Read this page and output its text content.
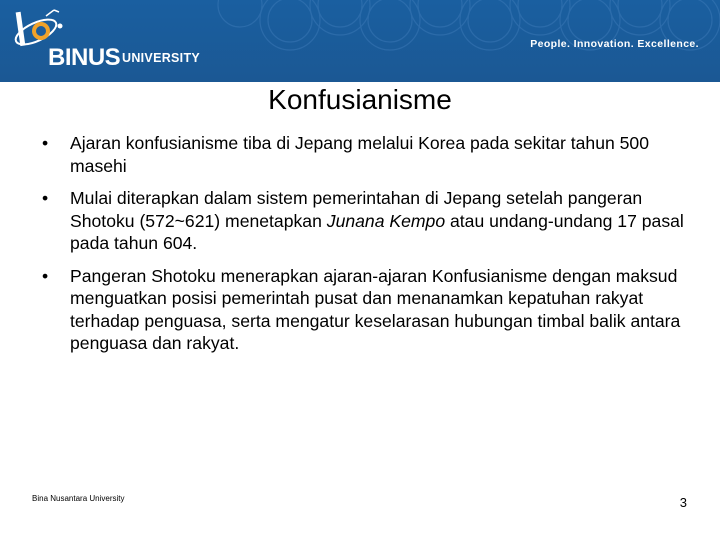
BINUS UNIVERSITY
People. Innovation. Excellence.
Konfusianisme
• Ajaran konfusianisme tiba di Jepang melalui Korea pada sekitar tahun 500 masehi
• Mulai diterapkan dalam sistem pemerintahan di Jepang setelah pangeran Shotoku (572~621) menetapkan Junana Kempo atau undang-undang 17 pasal pada tahun 604.
• Pangeran Shotoku menerapkan ajaran-ajaran Konfusianisme dengan maksud menguatkan posisi pemerintah pusat dan menanamkan kepatuhan rakyat terhadap penguasa, serta mengatur keselarasan hubungan timbal balik antara penguasa dan rakyat.
Bina Nusantara University	3
